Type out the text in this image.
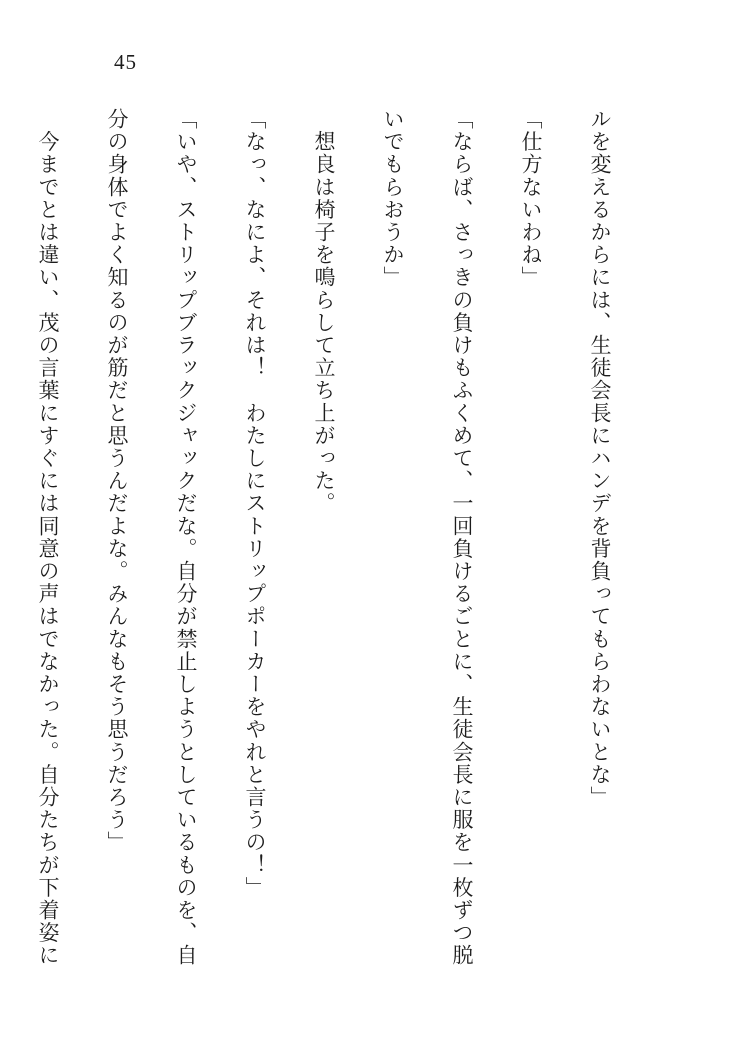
45

ルを変えるからには、生徒会長にハンデを背負ってもらわないとな」

「仕方ないわね」

「ならば、さっきの負けもふくめて、一回負けるごとに、生徒会長に服を一枚ずつ脱

いでもらおうか」

　想良は椅子を鳴らして立ち上がった。

「なっ、なによ、それは！　わたしにストリップポーカーをやれと言うの！」

「いや、ストリップブラックジャックだな。自分が禁止しようとしているものを、自

分の身体でよく知るのが筋だと思うんだよな。みんなもそう思うだろう」

　今までとは違い、茂の言葉にすぐには同意の声はでなかった。自分たちが下着姿に
